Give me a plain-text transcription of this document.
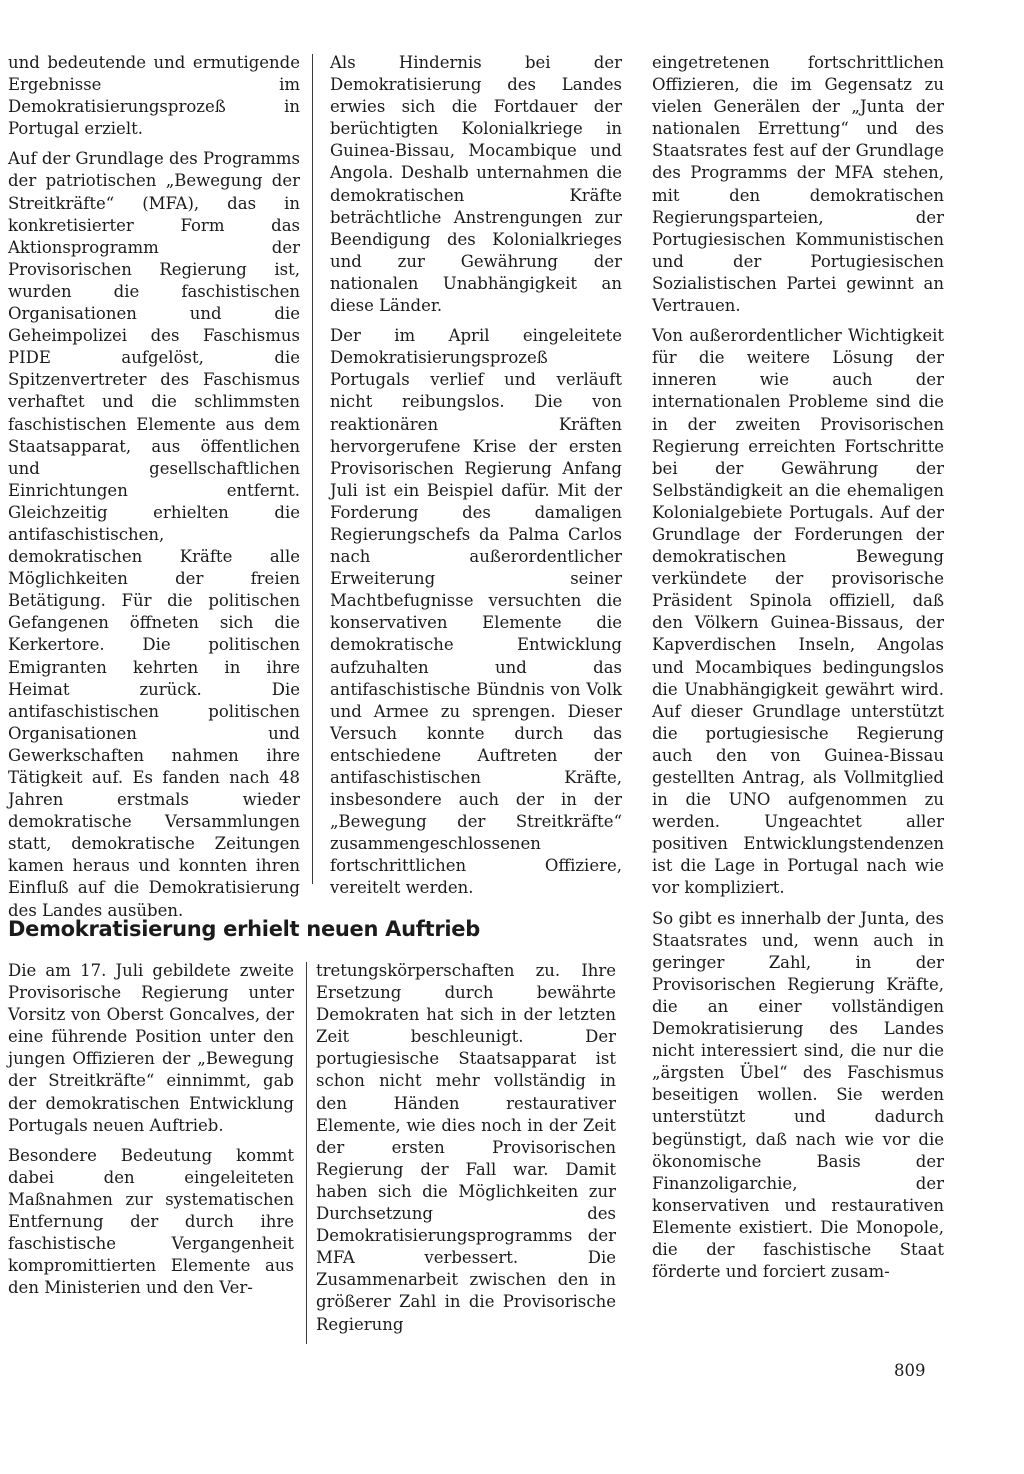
und bedeutende und ermutigende Ergebnisse im Demokratisierungsprozeß in Portugal erzielt.

Auf der Grundlage des Programms der patriotischen „Bewegung der Streitkräfte“ (MFA), das in konkretisierter Form das Aktionsprogramm der Provisorischen Regierung ist, wurden die faschistischen Organisationen und die Geheimpolizei des Faschismus PIDE aufgelöst, die Spitzenvertreter des Faschismus verhaftet und die schlimmsten faschistischen Elemente aus dem Staatsapparat, aus öffentlichen und gesellschaftlichen Einrichtungen entfernt. Gleichzeitig erhielten die antifaschistischen, demokratischen Kräfte alle Möglichkeiten der freien Betätigung. Für die politischen Gefangenen öffneten sich die Kerkertore. Die politischen Emigranten kehrten in ihre Heimat zurück. Die antifaschistischen politischen Organisationen und Gewerkschaften nahmen ihre Tätigkeit auf. Es fanden nach 48 Jahren erstmals wieder demokratische Versammlungen statt, demokratische Zeitungen kamen heraus und konnten ihren Einfluß auf die Demokratisierung des Landes ausüben.

Als Hindernis bei der Demokratisierung des Landes erwies sich die Fortdauer der berüchtigten Kolonialkriege in Guinea-Bissau, Mocambique und Angola. Deshalb unternahmen die demokratischen Kräfte beträchtliche Anstrengungen zur Beendigung des Kolonialkrieges und zur Gewährung der nationalen Unabhängigkeit an diese Länder.

Der im April eingeleitete Demokratisierungsprozeß Portugals verlief und verläuft nicht reibungslos. Die von reaktionären Kräften hervorgerufene Krise der ersten Provisorischen Regierung Anfang Juli ist ein Beispiel dafür. Mit der Forderung des damaligen Regierungschefs da Palma Carlos nach außerordentlicher Erweiterung seiner Machtbefugnisse versuchten die konservativen Elemente die demokratische Entwicklung aufzuhalten und das antifaschistische Bündnis von Volk und Armee zu sprengen. Dieser Versuch konnte durch das entschiedene Auftreten der antifaschistischen Kräfte, insbesondere auch der in der „Bewegung der Streitkräfte“ zusammengeschlossenen fortschrittlichen Offiziere, vereitelt werden.

eingetretenen fortschrittlichen Offizieren, die im Gegensatz zu vielen Generälen der „Junta der nationalen Errettung“ und des Staatsrates fest auf der Grundlage des Programms der MFA stehen, mit den demokratischen Regierungsparteien, der Portugiesischen Kommunistischen und der Portugiesischen Sozialistischen Partei gewinnt an Vertrauen.

Von außerordentlicher Wichtigkeit für die weitere Lösung der inneren wie auch der internationalen Probleme sind die in der zweiten Provisorischen Regierung erreichten Fortschritte bei der Gewährung der Selbständigkeit an die ehemaligen Kolonialgebiete Portugals. Auf der Grundlage der Forderungen der demokratischen Bewegung verkündete der provisorische Präsident Spinola offiziell, daß den Völkern Guinea-Bissaus, der Kapverdischen Inseln, Angolas und Mocambiques bedingungslos die Unabhängigkeit gewährt wird. Auf dieser Grundlage unterstützt die portugiesische Regierung auch den von Guinea-Bissau gestellten Antrag, als Vollmitglied in die UNO aufgenommen zu werden. Ungeachtet aller positiven Entwicklungstendenzen ist die Lage in Portugal nach wie vor kompliziert.

So gibt es innerhalb der Junta, des Staatsrates und, wenn auch in geringer Zahl, in der Provisorischen Regierung Kräfte, die an einer vollständigen Demokratisierung des Landes nicht interessiert sind, die nur die „ärgsten Übel“ des Faschismus beseitigen wollen. Sie werden unterstützt und dadurch begünstigt, daß nach wie vor die ökonomische Basis der Finanzoligarchie, der konservativen und restaurativen Elemente existiert. Die Monopole, die der faschistische Staat förderte und forciert zusam-

Demokratisierung erhielt neuen Auftrieb

Die am 17. Juli gebildete zweite Provisorische Regierung unter Vorsitz von Oberst Goncalves, der eine führende Position unter den jungen Offizieren der „Bewegung der Streitkräfte“ einnimmt, gab der demokratischen Entwicklung Portugals neuen Auftrieb.

Besondere Bedeutung kommt dabei den eingeleiteten Maßnahmen zur systematischen Entfernung der durch ihre faschistische Vergangenheit kompromittierten Elemente aus den Ministerien und den Ver-

tretungskörperschaften zu. Ihre Ersetzung durch bewährte Demokraten hat sich in der letzten Zeit beschleunigt. Der portugiesische Staatsapparat ist schon nicht mehr vollständig in den Händen restaurativer Elemente, wie dies noch in der Zeit der ersten Provisorischen Regierung der Fall war. Damit haben sich die Möglichkeiten zur Durchsetzung des Demokratisierungsprogramms der MFA verbessert. Die Zusammenarbeit zwischen den in größerer Zahl in die Provisorische Regierung

809
